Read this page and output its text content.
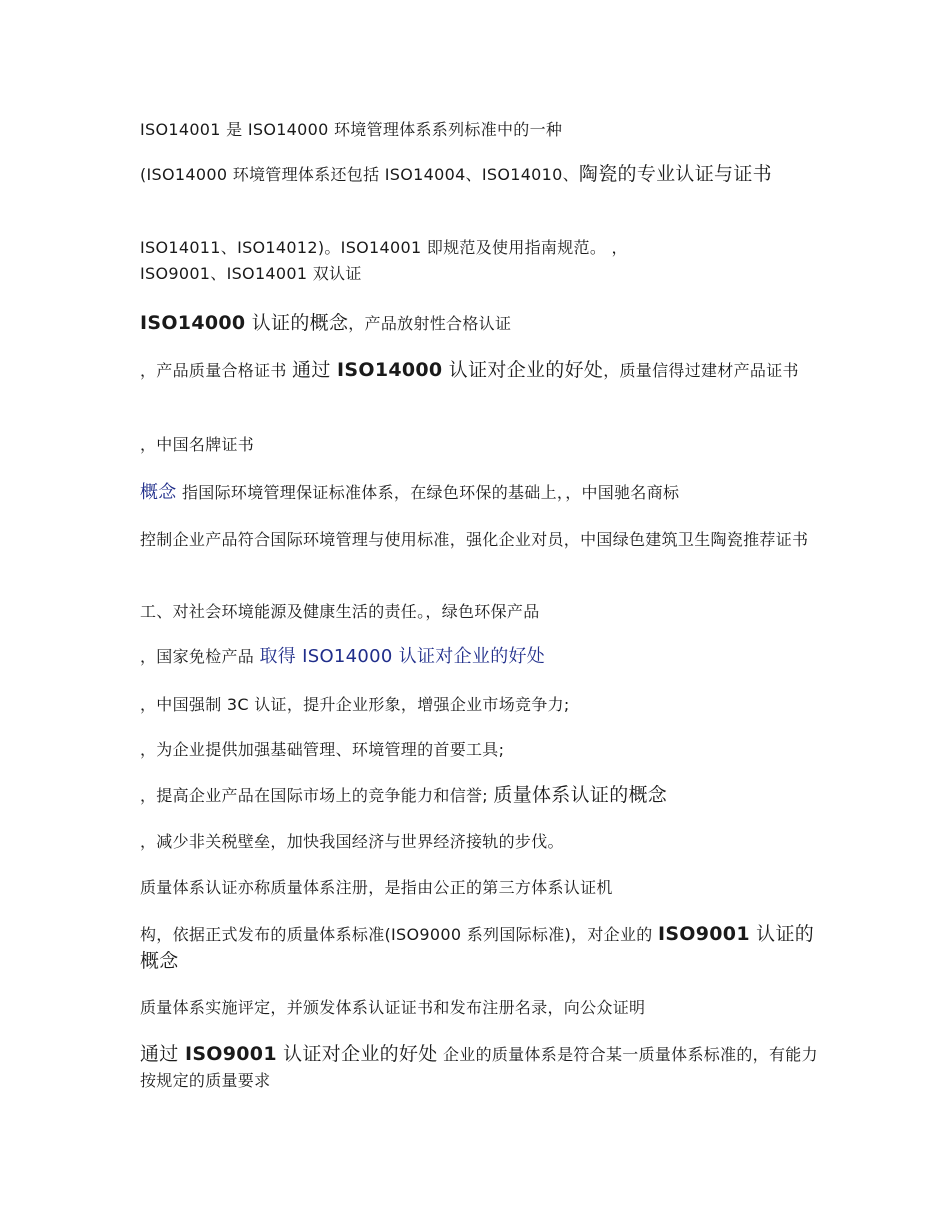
ISO14001 是 ISO14000 环境管理体系系列标准中的一种
(ISO14000 环境管理体系还包括 ISO14004、ISO14010、陶瓷的专业认证与证书
ISO14011、ISO14012)。ISO14001 即规范及使用指南规范。 ，
ISO9001、ISO14001 双认证
ISO14000 认证的概念，产品放射性合格认证
，产品质量合格证书 通过 ISO14000 认证对企业的好处，质量信得过建材产品证书
，中国名牌证书
概念 指国际环境管理保证标准体系，在绿色环保的基础上，，中国驰名商标
控制企业产品符合国际环境管理与使用标准，强化企业对员，中国绿色建筑卫生陶瓷推荐证书
工、对社会环境能源及健康生活的责任。，绿色环保产品
，国家免检产品 取得 ISO14000 认证对企业的好处
，中国强制 3C 认证，提升企业形象，增强企业市场竞争力;
，为企业提供加强基础管理、环境管理的首要工具;
，提高企业产品在国际市场上的竞争能力和信誉; 质量体系认证的概念
，减少非关税壁垒，加快我国经济与世界经济接轨的步伐。
质量体系认证亦称质量体系注册，是指由公正的第三方体系认证机
构，依据正式发布的质量体系标准(ISO9000 系列国际标准)，对企业的 ISO9001 认证的概念
质量体系实施评定，并颁发体系认证证书和发布注册名录，向公众证明
通过 ISO9001 认证对企业的好处 企业的质量体系是符合某一质量体系标准的，有能力按规定的质量要求
